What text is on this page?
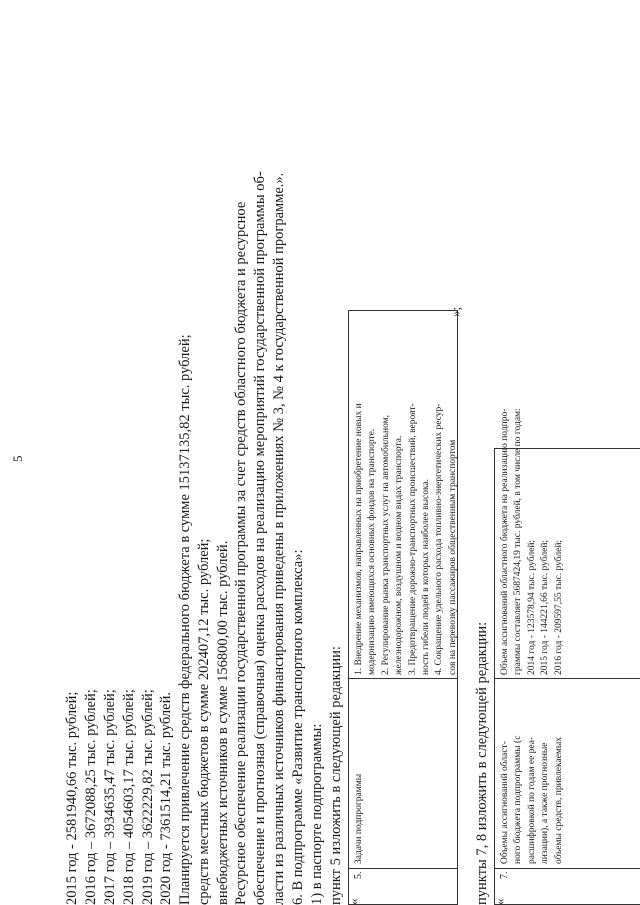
5
2015 год - 2581940,66 тыс. рублей; 2016 год – 3672088,25 тыс. рублей; 2017 год – 3934635,47 тыс. рублей; 2018 год – 4054603,17 тыс. рублей; 2019 год – 3622229,82 тыс. рублей; 2020 год - 7361514,21 тыс. рублей. Планируется привлечение средств федерального бюджета в сумме 15137135,82 тыс. рублей; средств местных бюджетов в сумме 202407,12 тыс. рублей; внебюджетных источников в сумме 156800,00 тыс. рублей. Ресурсное обеспечение реализации государственной программы за счет средств областного бюджета и ресурсное обеспечение и прогнозная (справочная) оценка расходов на реализацию мероприятий государственной программы об- ласти из различных источников финансирования приведены в приложениях № 3, № 4 к государственной программе.». 6. В подпрограмме «Развитие транспортного комплекса»: 1) в паспорте подпрограммы: пункт 5 изложить в следующей редакции: «
5.
Задачи подпрограммы
1. Внедрение механизмов, направленных на приобретение новых и модернизацию имеющихся основных фондов на транспорте. 2. Регулирование рынка транспортных услуг на автомобильном, железнодорожном, воздушном и водном видах транспорта. 3. Предотвращение дорожно-транспортных происшествий, вероят- ность гибели людей в которых наиболее высока. 4. Сокращение удельного расхода топливно-энергетических ресур- сов на перевозку пассажиров общественным транспортом
»;
пункты 7, 8 изложить в следующей редакции: «
7.
Объемы ассигнований област- ного бюджета подпрограммы (с расшифровкой по годам ее реа- лизации), а также прогнозные объемы средств, привлекаемых
Объем ассигнований областного бюджета на реализацию подпро- граммы составляет 5687424,19 тыс. рублей, в том числе по годам: 2014 год - 123578,94 тыс. рублей; 2015 год - 144221,66 тыс. рублей; 2016 год - 209597,55 тыс. рублей;
